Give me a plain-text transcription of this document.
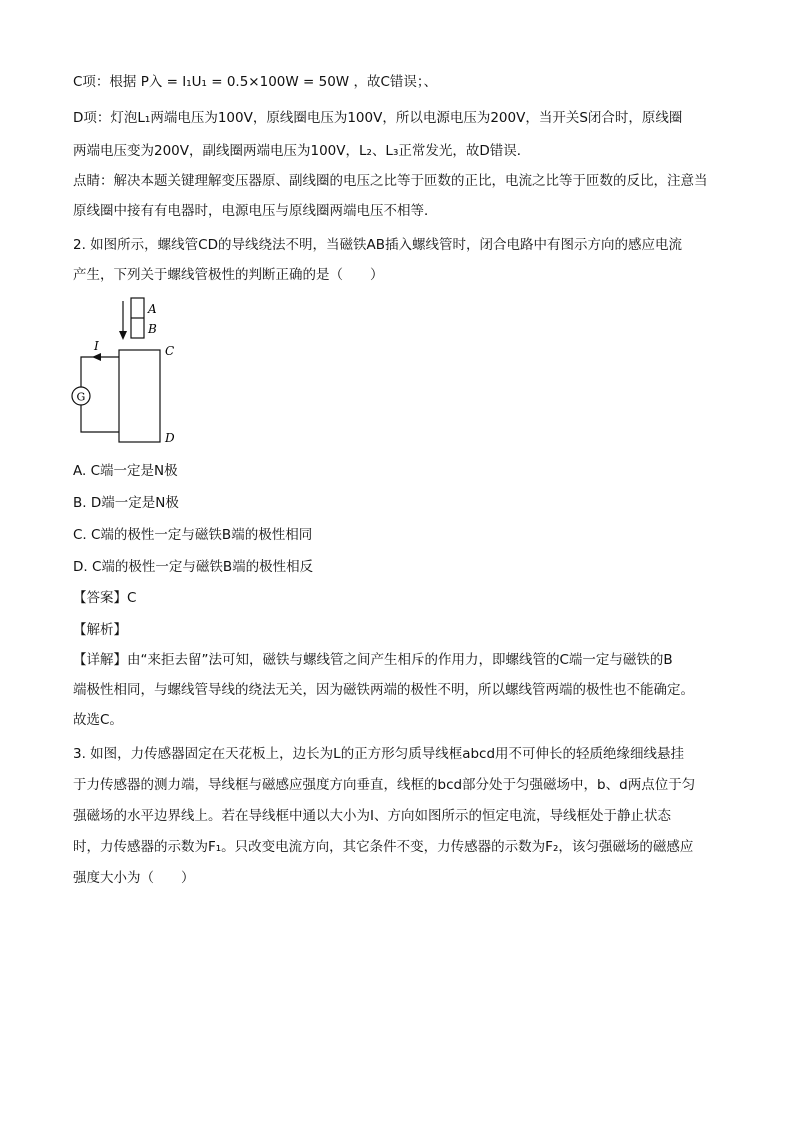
C项：根据 P入 = I₁U₁ = 0.5×100W = 50W ，故C错误；、
D项：灯泡L₁两端电压为100V，原线圈电压为100V，所以电源电压为200V，当开关S闭合时，原线圈
两端电压变为200V，副线圈两端电压为100V，L₂、L₃正常发光，故D错误．
点睛：解决本题关键理解变压器原、副线圈的电压之比等于匝数的正比，电流之比等于匝数的反比，注意当
原线圈中接有有电器时，电源电压与原线圈两端电压不相等．
2. 如图所示，螺线管CD的导线绕法不明，当磁铁AB插入螺线管时，闭合电路中有图示方向的感应电流
产生，下列关于螺线管极性的判断正确的是（　　）
A
B
C
D
I
G
A. C端一定是N极
B. D端一定是N极
C. C端的极性一定与磁铁B端的极性相同
D. C端的极性一定与磁铁B端的极性相反
【答案】C
【解析】
【详解】由“来拒去留”法可知，磁铁与螺线管之间产生相斥的作用力，即螺线管的C端一定与磁铁的B
端极性相同，与螺线管导线的绕法无关，因为磁铁两端的极性不明，所以螺线管两端的极性也不能确定。
故选C。
3. 如图，力传感器固定在天花板上，边长为L的正方形匀质导线框abcd用不可伸长的轻质绝缘细线悬挂
于力传感器的测力端，导线框与磁感应强度方向垂直，线框的bcd部分处于匀强磁场中，b、d两点位于匀
强磁场的水平边界线上。若在导线框中通以大小为I、方向如图所示的恒定电流，导线框处于静止状态
时，力传感器的示数为F₁。只改变电流方向，其它条件不变，力传感器的示数为F₂，该匀强磁场的磁感应
强度大小为（　　）
